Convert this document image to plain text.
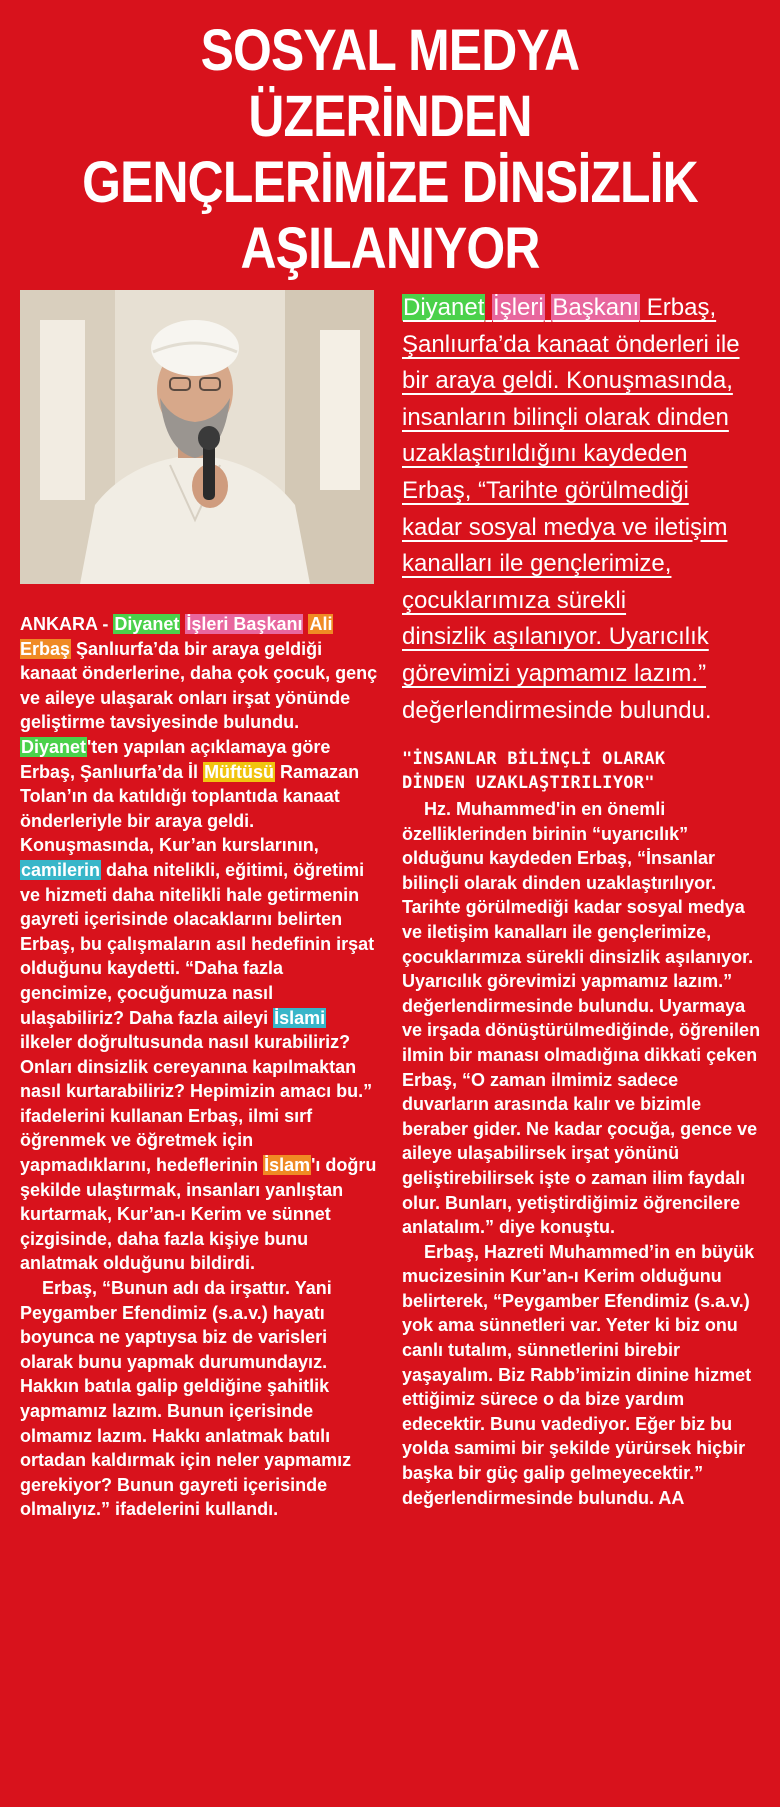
SOSYAL MEDYA ÜZERİNDEN
GENÇLERİMİZE DİNSİZLİK
AŞILANIYOR
Diyanet İşleri Başkanı Erbaş,
Şanlıurfa’da kanaat önderleri ile
bir araya geldi. Konuşmasında,
insanların bilinçli olarak dinden
uzaklaştırıldığını kaydeden
Erbaş, “Tarihte görülmediği
kadar sosyal medya ve iletişim
kanalları ile gençlerimize,
çocuklarımıza sürekli
dinsizlik aşılanıyor. Uyarıcılık
görevimizi yapmamız lazım.”
değerlendirmesinde bulundu.

ANKARA - Diyanet İşleri Başkanı Ali Erbaş Şanlıurfa’da bir araya geldiği kanaat önderlerine, daha çok çocuk, genç ve aileye ulaşarak onları irşat yönünde geliştirme tavsiyesinde bulundu. Diyanet'ten yapılan açıklamaya göre Erbaş, Şanlıurfa’da İl Müftüsü Ramazan Tolan’ın da katıldığı toplantıda kanaat önderleriyle bir araya geldi. Konuşmasında, Kur’an kurslarının, camilerin daha nitelikli, eğitimi, öğretimi ve hizmeti daha nitelikli hale getirmenin gayreti içerisinde olacaklarını belirten Erbaş, bu çalışmaların asıl hedefinin irşat olduğunu kaydetti. “Daha fazla gencimize, çocuğumuza nasıl ulaşabiliriz? Daha fazla aileyi İslami ilkeler doğrultusunda nasıl kurabiliriz? Onları dinsizlik cereyanına kapılmaktan nasıl kurtarabiliriz? Hepimizin amacı bu.” ifadelerini kullanan Erbaş, ilmi sırf öğrenmek ve öğretmek için yapmadıklarını, hedeflerinin İslam'ı doğru şekilde ulaştırmak, insanları yanlıştan kurtarmak, Kur’an-ı Kerim ve sünnet çizgisinde, daha fazla kişiye bunu anlatmak olduğunu bildirdi.

Erbaş, “Bunun adı da irşattır. Yani Peygamber Efendimiz (s.a.v.) hayatı boyunca ne yaptıysa biz de varisleri olarak bunu yapmak durumundayız. Hakkın batıla galip geldiğine şahitlik yapmamız lazım. Bunun içerisinde olmamız lazım. Hakkı anlatmak batılı ortadan kaldırmak için neler yapmamız gerekiyor? Bunun gayreti içerisinde olmalıyız.” ifadelerini kullandı.

"İNSANLAR BİLİNÇLİ OLARAK
DİNDEN UZAKLAŞTIRILIYOR"

Hz. Muhammed'in en önemli özelliklerinden birinin “uyarıcılık” olduğunu kaydeden Erbaş, “İnsanlar bilinçli olarak dinden uzaklaştırılıyor. Tarihte görülmediği kadar sosyal medya ve iletişim kanalları ile gençlerimize, çocuklarımıza sürekli dinsizlik aşılanıyor. Uyarıcılık görevimizi yapmamız lazım.” değerlendirmesinde bulundu. Uyarmaya ve irşada dönüştürülmediğinde, öğrenilen ilmin bir manası olmadığına dikkati çeken Erbaş, “O zaman ilmimiz sadece duvarların arasında kalır ve bizimle beraber gider. Ne kadar çocuğa, gence ve aileye ulaşabilirsek irşat yönünü geliştirebilirsek işte o zaman ilim faydalı olur. Bunları, yetiştirdiğimiz öğrencilere anlatalım.” diye konuştu.

Erbaş, Hazreti Muhammed’in en büyük mucizesinin Kur’an-ı Kerim olduğunu belirterek, “Peygamber Efendimiz (s.a.v.) yok ama sünnetleri var. Yeter ki biz onu canlı tutalım, sünnetlerini birebir yaşayalım. Biz Rabb’imizin dinine hizmet ettiğimiz sürece o da bize yardım edecektir. Bunu vadediyor. Eğer biz bu yolda samimi bir şekilde yürürsek hiçbir başka bir güç galip gelmeyecektir.” değerlendirmesinde bulundu. AA
